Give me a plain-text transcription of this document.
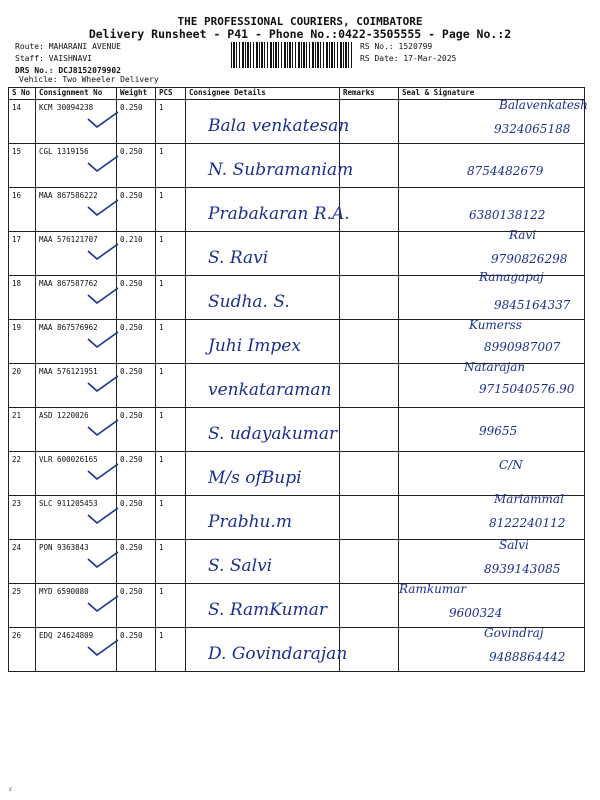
THE PROFESSIONAL COURIERS, COIMBATORE
Delivery Runsheet - P41 - Phone No.:0422-3505555 - Page No.:2
Route: MAHARANI AVENUE
Staff: VAISHNAVI
DRS No.: DCJ8152079902
Vehicle: Two Wheeler Delivery
RS No.: 1520799
RS Date: 17-Mar-2025
S No	Consignment No	Weight	PCS	Consignee Details	Remarks	Seal & Signature
14	KCM 30094238	0.250	1	Bala venkatesan		Balavenkatesh
9324065188

15	CGL 1319156	0.250	1	N. Subramaniam		8754482679

16	MAA 867586222	0.250	1	Prabakaran R.A.		6380138122

17	MAA 576121707	0.210	1	S. Ravi		Ravi
9790826298

18	MAA 867587762	0.250	1	Sudha. S.		Ranagapaj
9845164337

19	MAA 867576962	0.250	1	Juhi Impex		Kumerss
8990987007

20	MAA 576121951	0.250	1	venkataraman		Natarajan
9715040576.90

21	ASD 1220026	0.250	1	S. udayakumar		99655

22	VLR 600026165	0.250	1	M/s ofBupi		C/N

23	SLC 911205453	0.250	1	Prabhu.m		Mariammal
8122240112

24	PON 9363843	0.250	1	S. Salvi		Salvi
8939143085

25	MYD 6590080	0.250	1	S. RamKumar		Ramkumar
9600324

26	EDQ 24624809	0.250	1	D. Govindarajan		Govindraj
9488864442
ゞ
